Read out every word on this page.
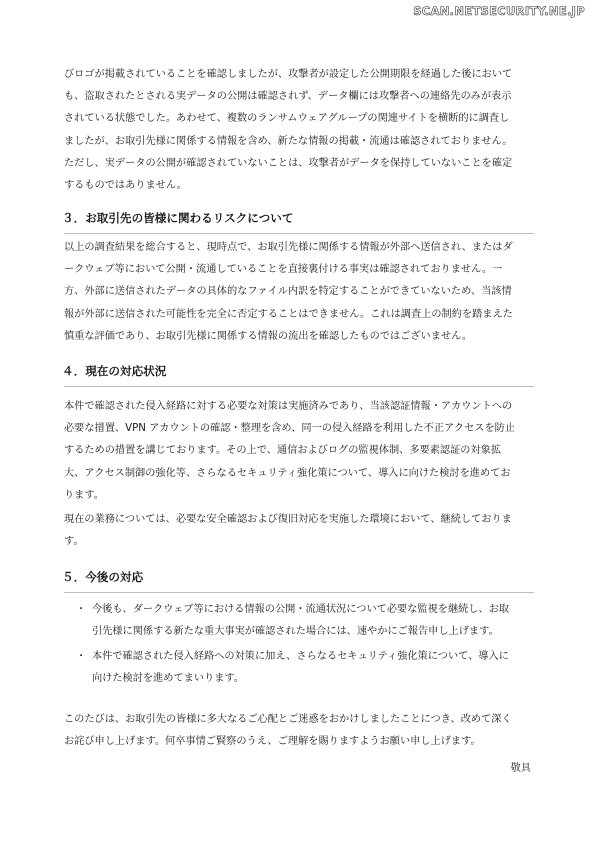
SCAN.NETSECURITY.NE.JP
びロゴが掲載されていることを確認しましたが、攻撃者が設定した公開期限を経過した後において
も、盗取されたとされる実データの公開は確認されず、データ欄には攻撃者への連絡先のみが表示
されている状態でした。あわせて、複数のランサムウェアグループの関連サイトを横断的に調査し
ましたが、お取引先様に関係する情報を含め、新たな情報の掲載・流通は確認されておりません。
ただし、実データの公開が確認されていないことは、攻撃者がデータを保持していないことを確定
するものではありません。
３．お取引先の皆様に関わるリスクについて
以上の調査結果を総合すると、現時点で、お取引先様に関係する情報が外部へ送信され、またはダ
ークウェブ等において公開・流通していることを直接裏付ける事実は確認されておりません。一
方、外部に送信されたデータの具体的なファイル内訳を特定することができていないため、当該情
報が外部に送信された可能性を完全に否定することはできません。これは調査上の制約を踏まえた
慎重な評価であり、お取引先様に関係する情報の流出を確認したものではございません。
４．現在の対応状況
本件で確認された侵入経路に対する必要な対策は実施済みであり、当該認証情報・アカウントへの
必要な措置、VPN アカウントの確認・整理を含め、同一の侵入経路を利用した不正アクセスを防止
するための措置を講じております。その上で、通信およびログの監視体制、多要素認証の対象拡
大、アクセス制御の強化等、さらなるセキュリティ強化策について、導入に向けた検討を進めてお
ります。
現在の業務については、必要な安全確認および復旧対応を実施した環境において、継続しておりま
す。
５．今後の対応
・ 今後も、ダークウェブ等における情報の公開・流通状況について必要な監視を継続し、お取
引先様に関係する新たな重大事実が確認された場合には、速やかにご報告申し上げます。
・ 本件で確認された侵入経路への対策に加え、さらなるセキュリティ強化策について、導入に
向けた検討を進めてまいります。
このたびは、お取引先の皆様に多大なるご心配とご迷惑をおかけしましたことにつき、改めて深く
お詫び申し上げます。何卒事情ご賢察のうえ、ご理解を賜りますようお願い申し上げます。
敬具
